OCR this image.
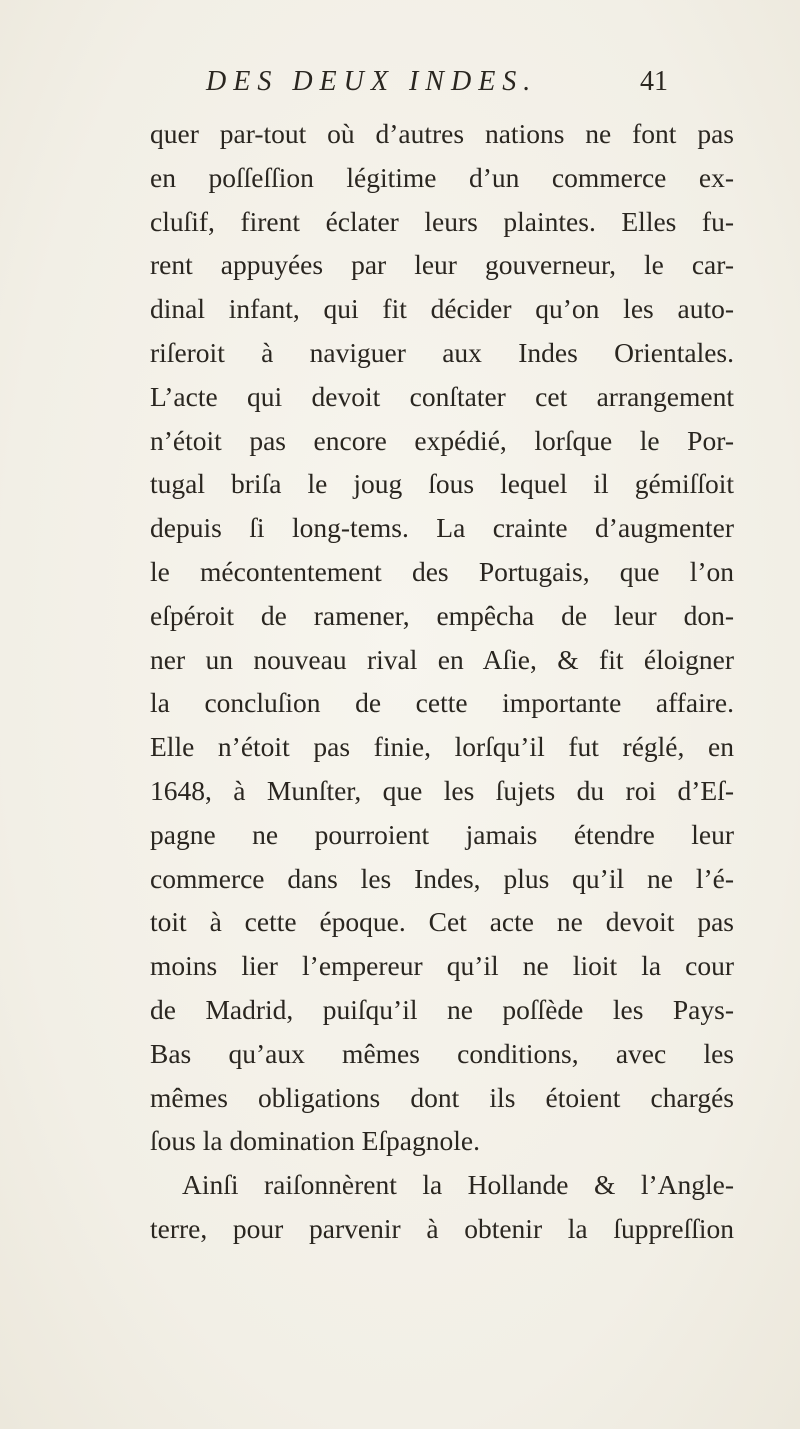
DES DEUX INDES.	41
quer par-tout où d’autres nations ne font pas
en poſſeſſion légitime d’un commerce ex-
cluſif, firent éclater leurs plaintes. Elles fu-
rent appuyées par leur gouverneur, le car-
dinal infant, qui fit décider qu’on les auto-
riſeroit à naviguer aux Indes Orientales.
L’acte qui devoit conſtater cet arrangement
n’étoit pas encore expédié, lorſque le Por-
tugal briſa le joug ſous lequel il gémiſſoit
depuis ſi long-tems. La crainte d’augmenter
le mécontentement des Portugais, que l’on
eſpéroit de ramener, empêcha de leur don-
ner un nouveau rival en Aſie, & fit éloigner
la concluſion de cette importante affaire.
Elle n’étoit pas finie, lorſqu’il fut réglé, en
1648, à Munſter, que les ſujets du roi d’Eſ-
pagne ne pourroient jamais étendre leur
commerce dans les Indes, plus qu’il ne l’é-
toit à cette époque. Cet acte ne devoit pas
moins lier l’empereur qu’il ne lioit la cour
de Madrid, puiſqu’il ne poſſède les Pays-
Bas qu’aux mêmes conditions, avec les
mêmes obligations dont ils étoient chargés
ſous la domination Eſpagnole.
Ainſi raiſonnèrent la Hollande & l’Angle-
terre, pour parvenir à obtenir la ſuppreſſion
